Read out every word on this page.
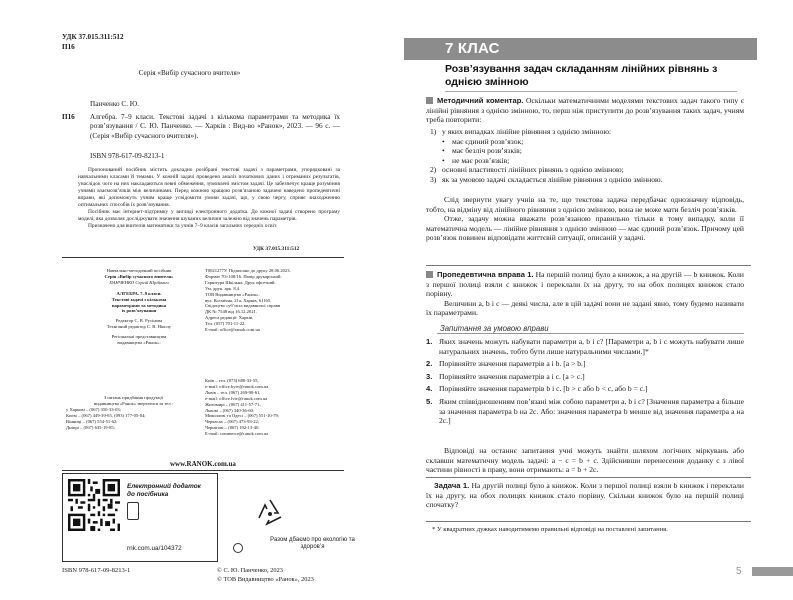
УДК 37.015.311:512
П16
Серія «Вибір сучасного вчителя»
Панченко С. Ю.
П16 Алгебра. 7–9 класи. Текстові задачі з кількома параметрами та методика їх розв’язування / С. Ю. Панченко. — Харків : Вид-во «Ранок», 2023. — 96 с. — (Серія «Вибір сучасного вчителя»).
ISBN 978-617-09-8213-1

Пропонований посібник містить докладно розібрані текстові задачі з параметрами, упорядковані за навчальними класами й темами. У кожній задачі проведено аналіз початкових даних і отриманих результатів, унаслідок чого на них накладаються певні обмеження, зумовлені змістом задачі. Це забезпечує краще розуміння учнями взаємозв’язків між величинами. Перед кожною кращою розв’язаною задачею наведено пропедевтичні вправи, які допоможуть учням краще усвідомити умови задачі, що, у свою чергу, сприяє знаходженню оптимальних способів їх розв’язування.

Посібник має інтернет-підтримку у вигляді електронного додатка. До кожної задачі створено програму моделі, яка дозволяє досліджувати значення шуканих величин залежно від значень параметрів.

Призначено для вчителів математики та учнів 7–9 класів загальних середніх освіт.

УДК 37.015.311:512
Навчально-методичний посібник
Серія «Вибір сучасного вчителя»
ПАНЧЕНКО Сергій Юрійович
АЛГЕБРА. 7–9 класи.
Текстові задачі з кількома
параметрами та методика
їх розв’язування
Редактор С. В. Русінова
Технічний редактор С. В. Ніколу
Регіональні представництва
видавництва «Ранок»:
Т0021277У. Підписано до друку 28.06.2023.
Формат 70×108/16. Папір друкарський.
Гарнітура Шкільна. Друк офсетний.
Ум. друк. арк. 8,4.
ТОВ Видавництво «Ранок».
вул. Космічна, 21а, Харків, 61165.
Свідоцтво суб’єкта видавничої справи
ДК № 7548 від 16.12.2021.
Адреса редакції: Харків,
Тел. (057) 701-11-22.
E-mail: office@ranok.com.ua
З питань придбання продукції
видавництва «Ранок» звертатися за тел.:
у Харкові – (067) 350-33-03;
Києві – (067) 449-39-65, (093) 177-05-04;
Вінниці – (067) 554-51-62;
Дніпрі – (067) 635-19-85;
Київ – тел. (073) 680-33-55,
e-mail: office.kyiv@ranok.com.ua
Львів – тел. (067) 269-90-61,
e-mail: office.lviv@ranok.com.ua
Житомирі – (067) 411-57-71;
Львові – (067) 340-36-60;
Миколаєві та Одесі – (067) 551-10-79;
Черкасах – (067) 473-93-22;
Чернігові – (067) 192-13-40.
E-mail: commerce@ranok.com.ua
www.RANOK.com.ua
Електронний додаток до посібника
rnk.com.ua/104372
Разом дбаємо про екологію та здоров’я
ISBN 978-617-09-8213-1	© С. Ю. Панченко, 2023
© ТОВ Видавництво «Ранок», 2023
7 КЛАС
Розв’язування задач складанням лінійних рівнянь з однією змінною
Методичний коментар. Оскільки математичними моделями текстових задач такого типу є лінійні рівняння з однією змінною, то, перш ніж приступити до розв’язування таких задач, учням треба повторити:
1) у яких випадках лінійне рівняння з однією змінною:
• має єдиний розв’язок;
• має безліч розв’язків;
• не має розв’язків;
2) основні властивості лінійних рівнянь з однією змінною;
3) як за умовою задачі складається лінійне рівняння з однією змінною.

Слід звернути увагу учнів на те, що текстова задача передбачає однозначну відповідь, тобто, на відміну від лінійного рівняння з однією змінною, вона не може мати безліч розв’язків.

Отже, задачу можна вважати розв’язаною правильно тільки в тому випадку, коли її математична модель — лінійне рівняння з однією змінною — має єдиний розв’язок. Причому цей розв’язок повинен відповідати життєвій ситуації, описаній у задачі.

Пропедевтична вправа 1. На першій полиці було a книжок, а на другій — b книжок. Коли з першої полиці взяли c книжок і переклали їх на другу, то на обох полицях книжок стало порівну.

Величини a, b і c — деякі числа, але в цій задачі вони не задані явно, тому будемо називати їх параметрами.

Запитання за умовою вправи
1. Яких значень можуть набувати параметри a, b і c? [Параметри a, b і c можуть набувати лише натуральних значень, тобто бути лише натуральними числами.]*
2. Порівняйте значення параметрів a і b. [a > b.]
3. Порівняйте значення параметрів a і c. [a > c.]
4. Порівняйте значення параметрів b і c. [b > c або b < c, або b = c.]
5. Яким співвідношенням пов’язані між собою параметри a, b і c? [Значення параметра a більше за значення параметра b на 2c. Або: значення параметра b менше від значення параметра a на 2c.]

Відповіді на останнє запитання учні можуть знайти шляхом логічних міркувань або склавши математичну модель задачі: a − c = b + c. Здійснивши перенесення доданку c з лівої частини рівності в праву, вони отримають: a = b + 2c.

Задача 1. На другій полиці було a книжок. Коли з першої полиці взяли b книжок і переклали їх на другу, на обох полицях книжок стало порівну. Скільки книжок було на першій полиці спочатку?

* У квадратних дужках наводитимемо правильні відповіді на поставлені запитання.
5
